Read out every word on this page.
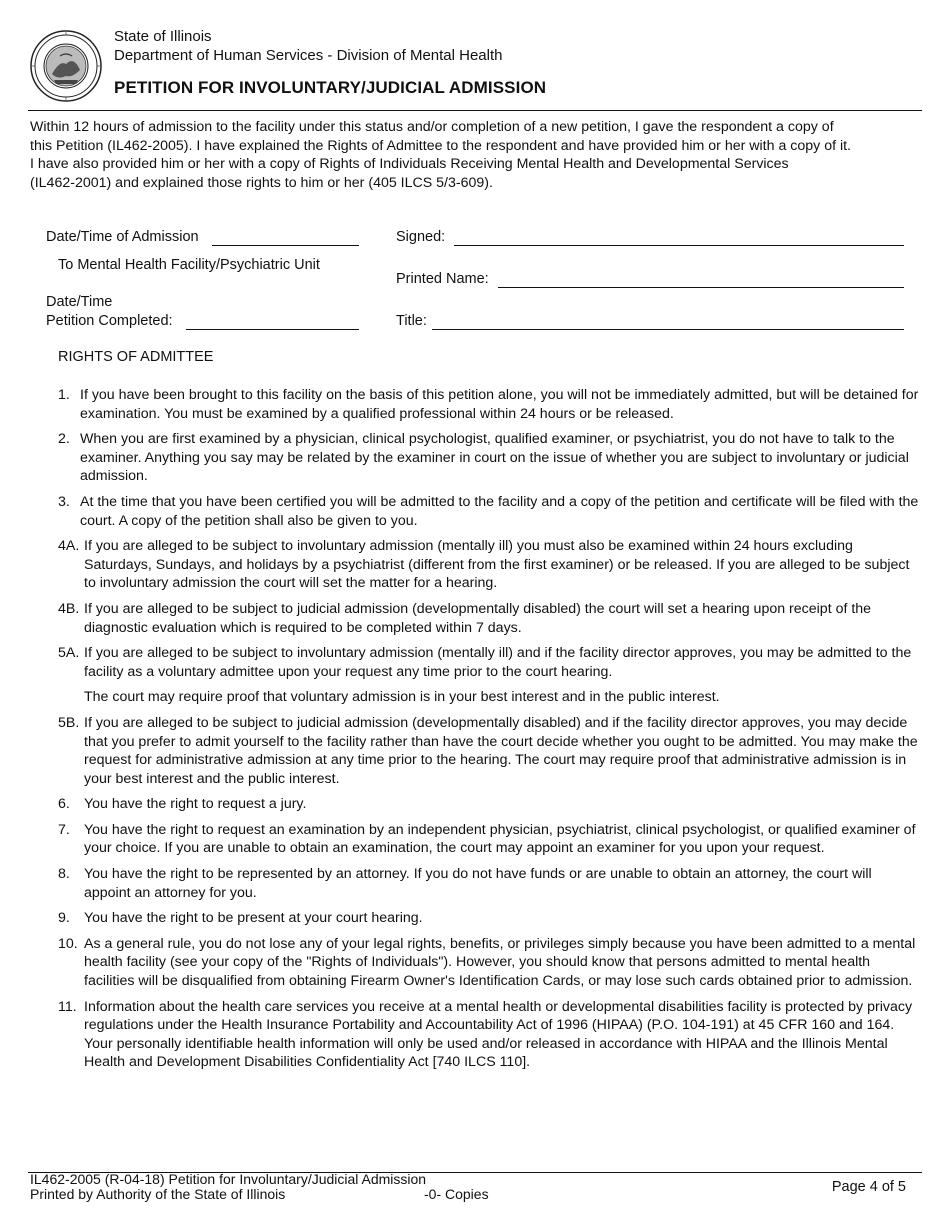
State of Illinois
Department of Human Services - Division of Mental Health
PETITION FOR INVOLUNTARY/JUDICIAL ADMISSION
Within 12 hours of admission to the facility under this status and/or completion of a new petition, I gave the respondent a copy of
this Petition (IL462-2005). I have explained the Rights of Admittee to the respondent and have provided him or her with a copy of it.
I have also provided him or her with a copy of Rights of Individuals Receiving Mental Health and Developmental Services
(IL462-2001) and explained those rights to him or her (405 ILCS 5/3-609).
Date/Time of Admission
To Mental Health Facility/Psychiatric Unit
Date/Time
Petition Completed:
Signed:
Printed Name:
Title:
RIGHTS OF ADMITTEE
1. If you have been brought to this facility on the basis of this petition alone, you will not be immediately admitted, but will be detained for examination. You must be examined by a qualified professional within 24 hours or be released.
2. When you are first examined by a physician, clinical psychologist, qualified examiner, or psychiatrist, you do not have to talk to the examiner. Anything you say may be related by the examiner in court on the issue of whether you are subject to involuntary or judicial admission.
3. At the time that you have been certified you will be admitted to the facility and a copy of the petition and certificate will be filed with the court. A copy of the petition shall also be given to you.
4A. If you are alleged to be subject to involuntary admission (mentally ill) you must also be examined within 24 hours excluding Saturdays, Sundays, and holidays by a psychiatrist (different from the first examiner) or be released. If you are alleged to be subject to involuntary admission the court will set the matter for a hearing.
4B. If you are alleged to be subject to judicial admission (developmentally disabled) the court will set a hearing upon receipt of the diagnostic evaluation which is required to be completed within 7 days.
5A. If you are alleged to be subject to involuntary admission (mentally ill) and if the facility director approves, you may be admitted to the facility as a voluntary admittee upon your request any time prior to the court hearing.
The court may require proof that voluntary admission is in your best interest and in the public interest.
5B. If you are alleged to be subject to judicial admission (developmentally disabled) and if the facility director approves, you may decide that you prefer to admit yourself to the facility rather than have the court decide whether you ought to be admitted. You may make the request for administrative admission at any time prior to the hearing. The court may require proof that administrative admission is in your best interest and the public interest.
6. You have the right to request a jury.
7. You have the right to request an examination by an independent physician, psychiatrist, clinical psychologist, or qualified examiner of your choice. If you are unable to obtain an examination, the court may appoint an examiner for you upon your request.
8. You have the right to be represented by an attorney. If you do not have funds or are unable to obtain an attorney, the court will appoint an attorney for you.
9. You have the right to be present at your court hearing.
10. As a general rule, you do not lose any of your legal rights, benefits, or privileges simply because you have been admitted to a mental health facility (see your copy of the "Rights of Individuals"). However, you should know that persons admitted to mental health facilities will be disqualified from obtaining Firearm Owner's Identification Cards, or may lose such cards obtained prior to admission.
11. Information about the health care services you receive at a mental health or developmental disabilities facility is protected by privacy regulations under the Health Insurance Portability and Accountability Act of 1996 (HIPAA) (P.O. 104-191) at 45 CFR 160 and 164. Your personally identifiable health information will only be used and/or released in accordance with HIPAA and the Illinois Mental Health and Development Disabilities Confidentiality Act [740 ILCS 110].
IL462-2005 (R-04-18) Petition for Involuntary/Judicial Admission
Printed by Authority of the State of Illinois	-0- Copies	Page 4 of 5
